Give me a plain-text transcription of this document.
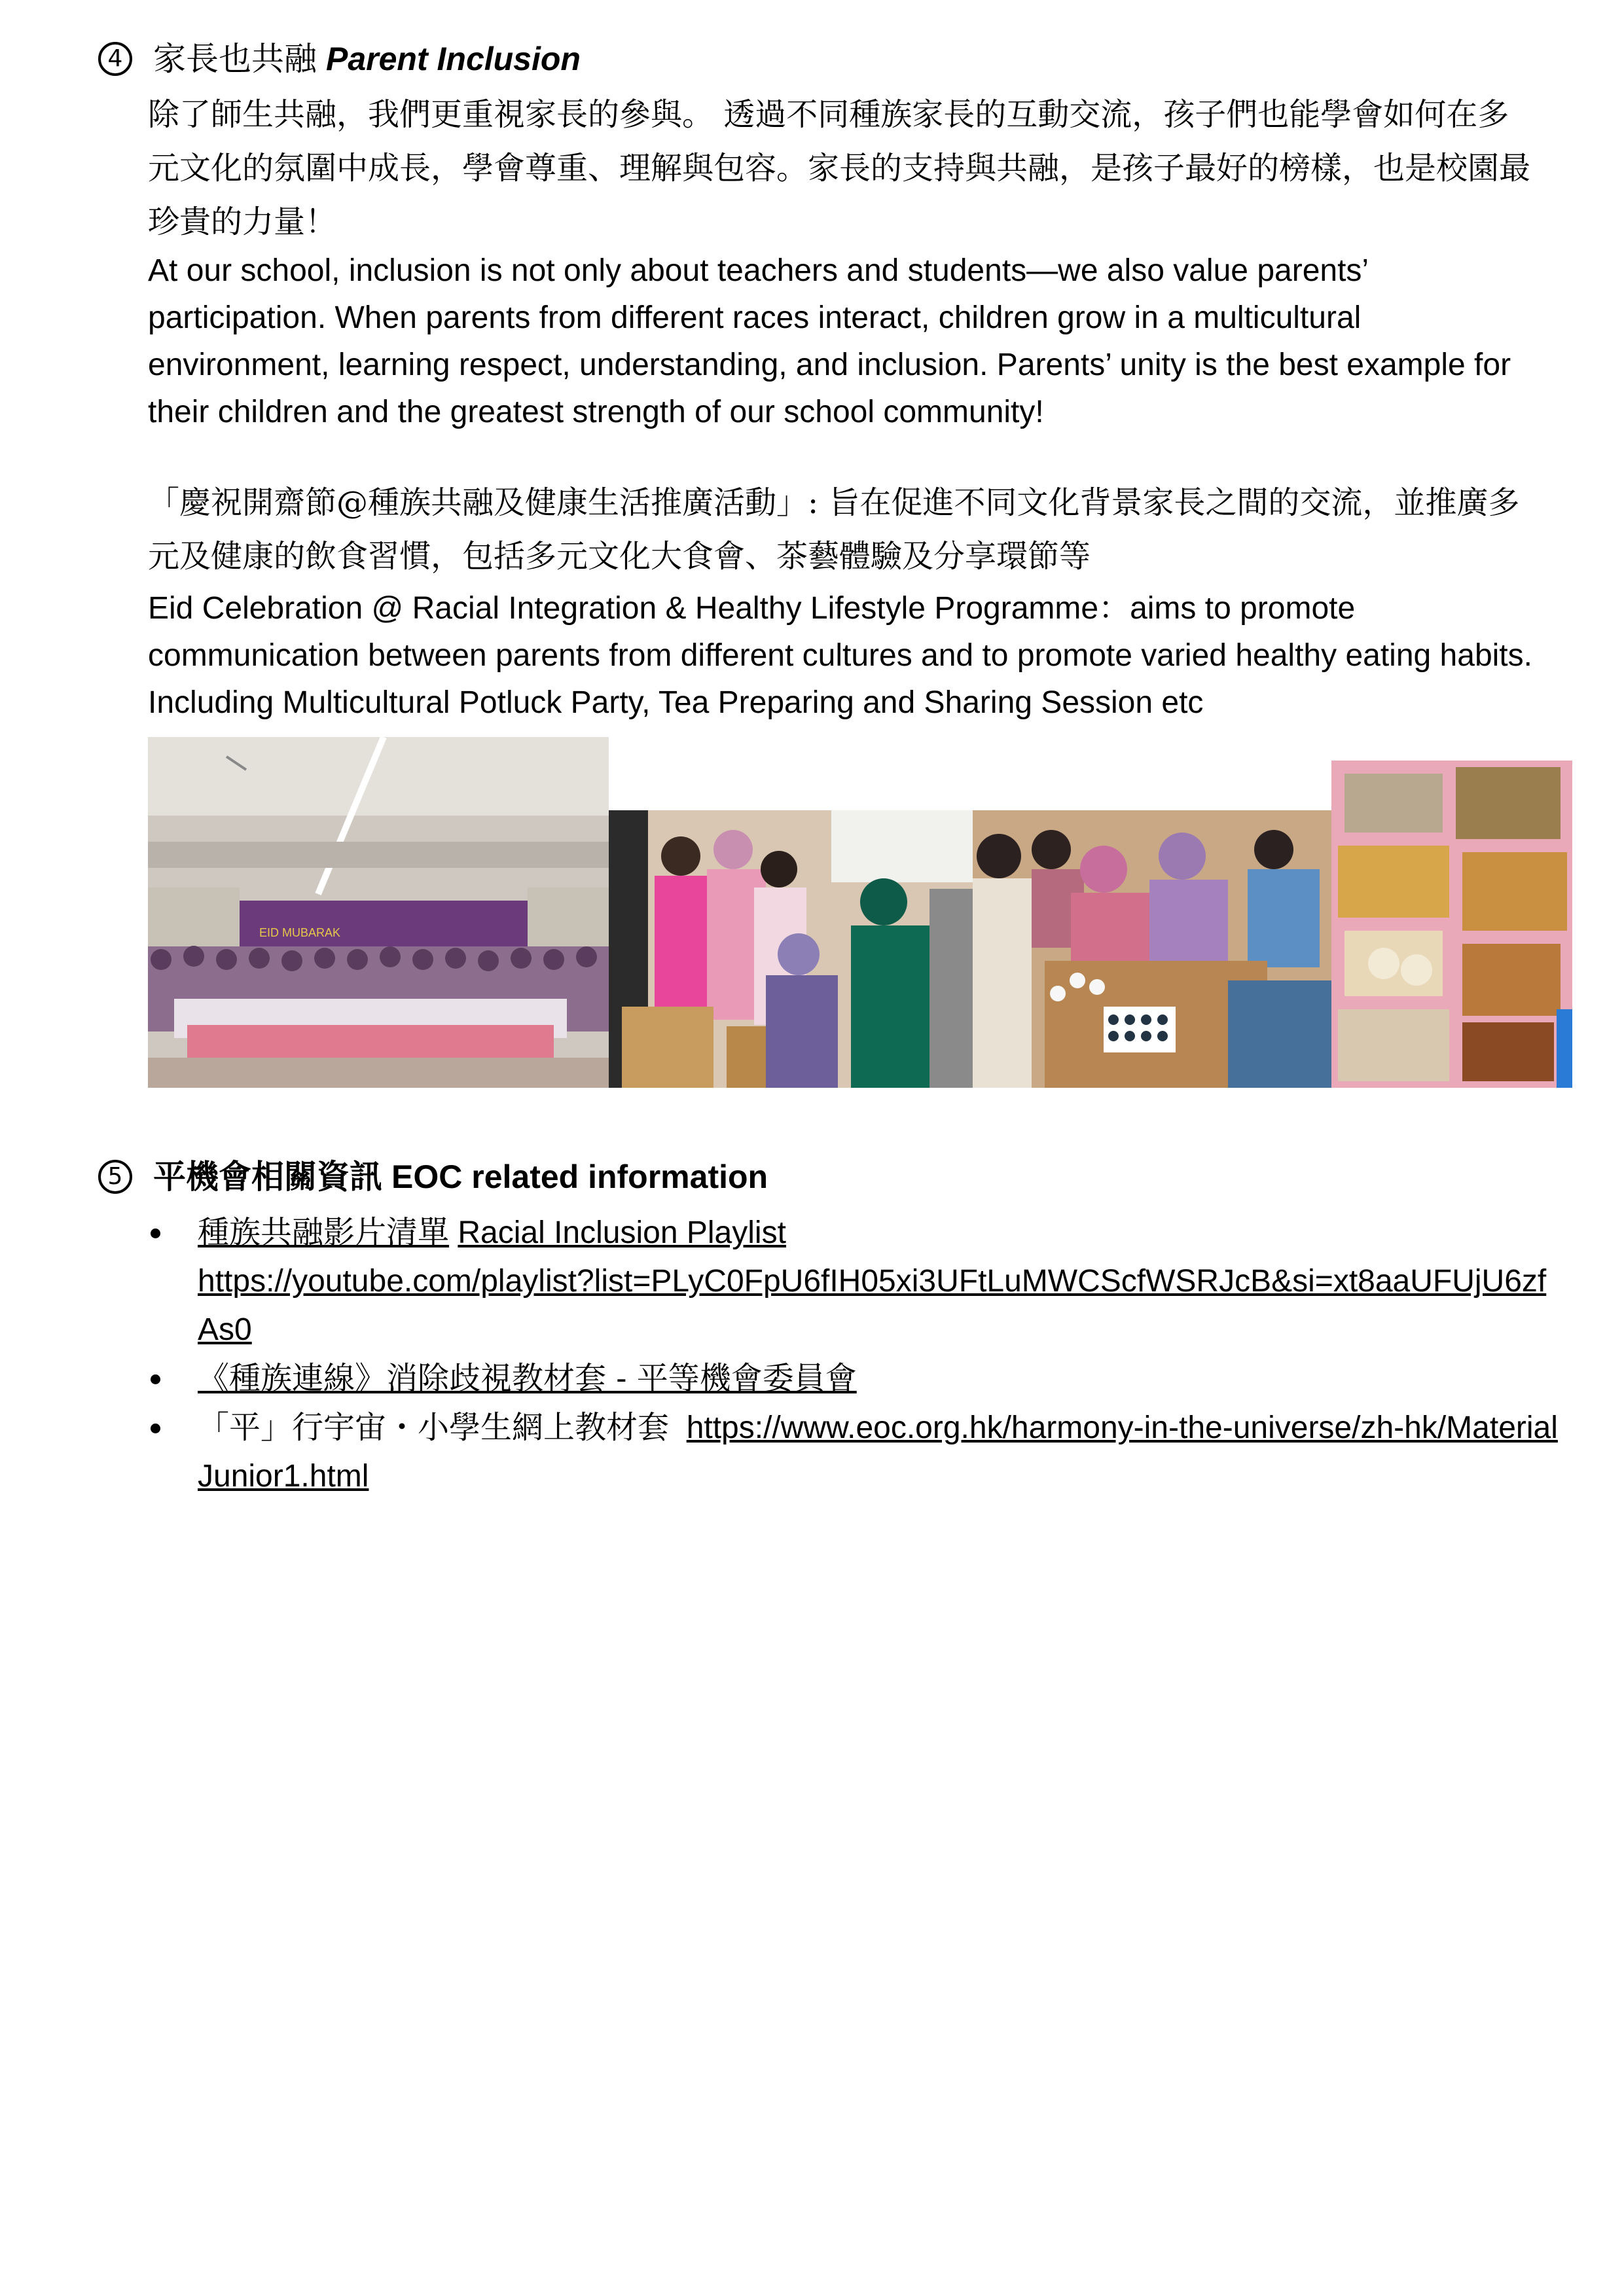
4 家長也共融 Parent Inclusion

除了師生共融，我們更重視家長的參與。 透過不同種族家長的互動交流，孩子們也能學會如何在多元文化的氛圍中成長，學會尊重、理解與包容。家長的支持與共融，是孩子最好的榜樣，也是校園最珍貴的力量！

At our school, inclusion is not only about teachers and students—we also value parents’ participation. When parents from different races interact, children grow in a multicultural environment, learning respect, understanding, and inclusion. Parents’ unity is the best example for their children and the greatest strength of our school community!

「慶祝開齋節@種族共融及健康生活推廣活動」: 旨在促進不同文化背景家長之間的交流，並推廣多元及健康的飲食習慣，包括多元文化大食會、茶藝體驗及分享環節等

Eid Celebration @ Racial Integration & Healthy Lifestyle Programme：aims to promote communication between parents from different cultures and to promote varied healthy eating habits. Including Multicultural Potluck Party, Tea Preparing and Sharing Session etc

EID MUBARAK
5 平機會相關資訊 EOC related information
種族共融影片清單 Racial Inclusion Playlist
https://youtube.com/playlist?list=PLyC0FpU6fIH05xi3UFtLuMWCScfWSRJcB&si=xt8aaUFUjU6zfAs0
《種族連線》消除歧視教材套 - 平等機會委員會
「平」行宇宙・小學生網上教材套 https://www.eoc.org.hk/harmony-in-the-universe/zh-hk/MaterialJunior1.html
